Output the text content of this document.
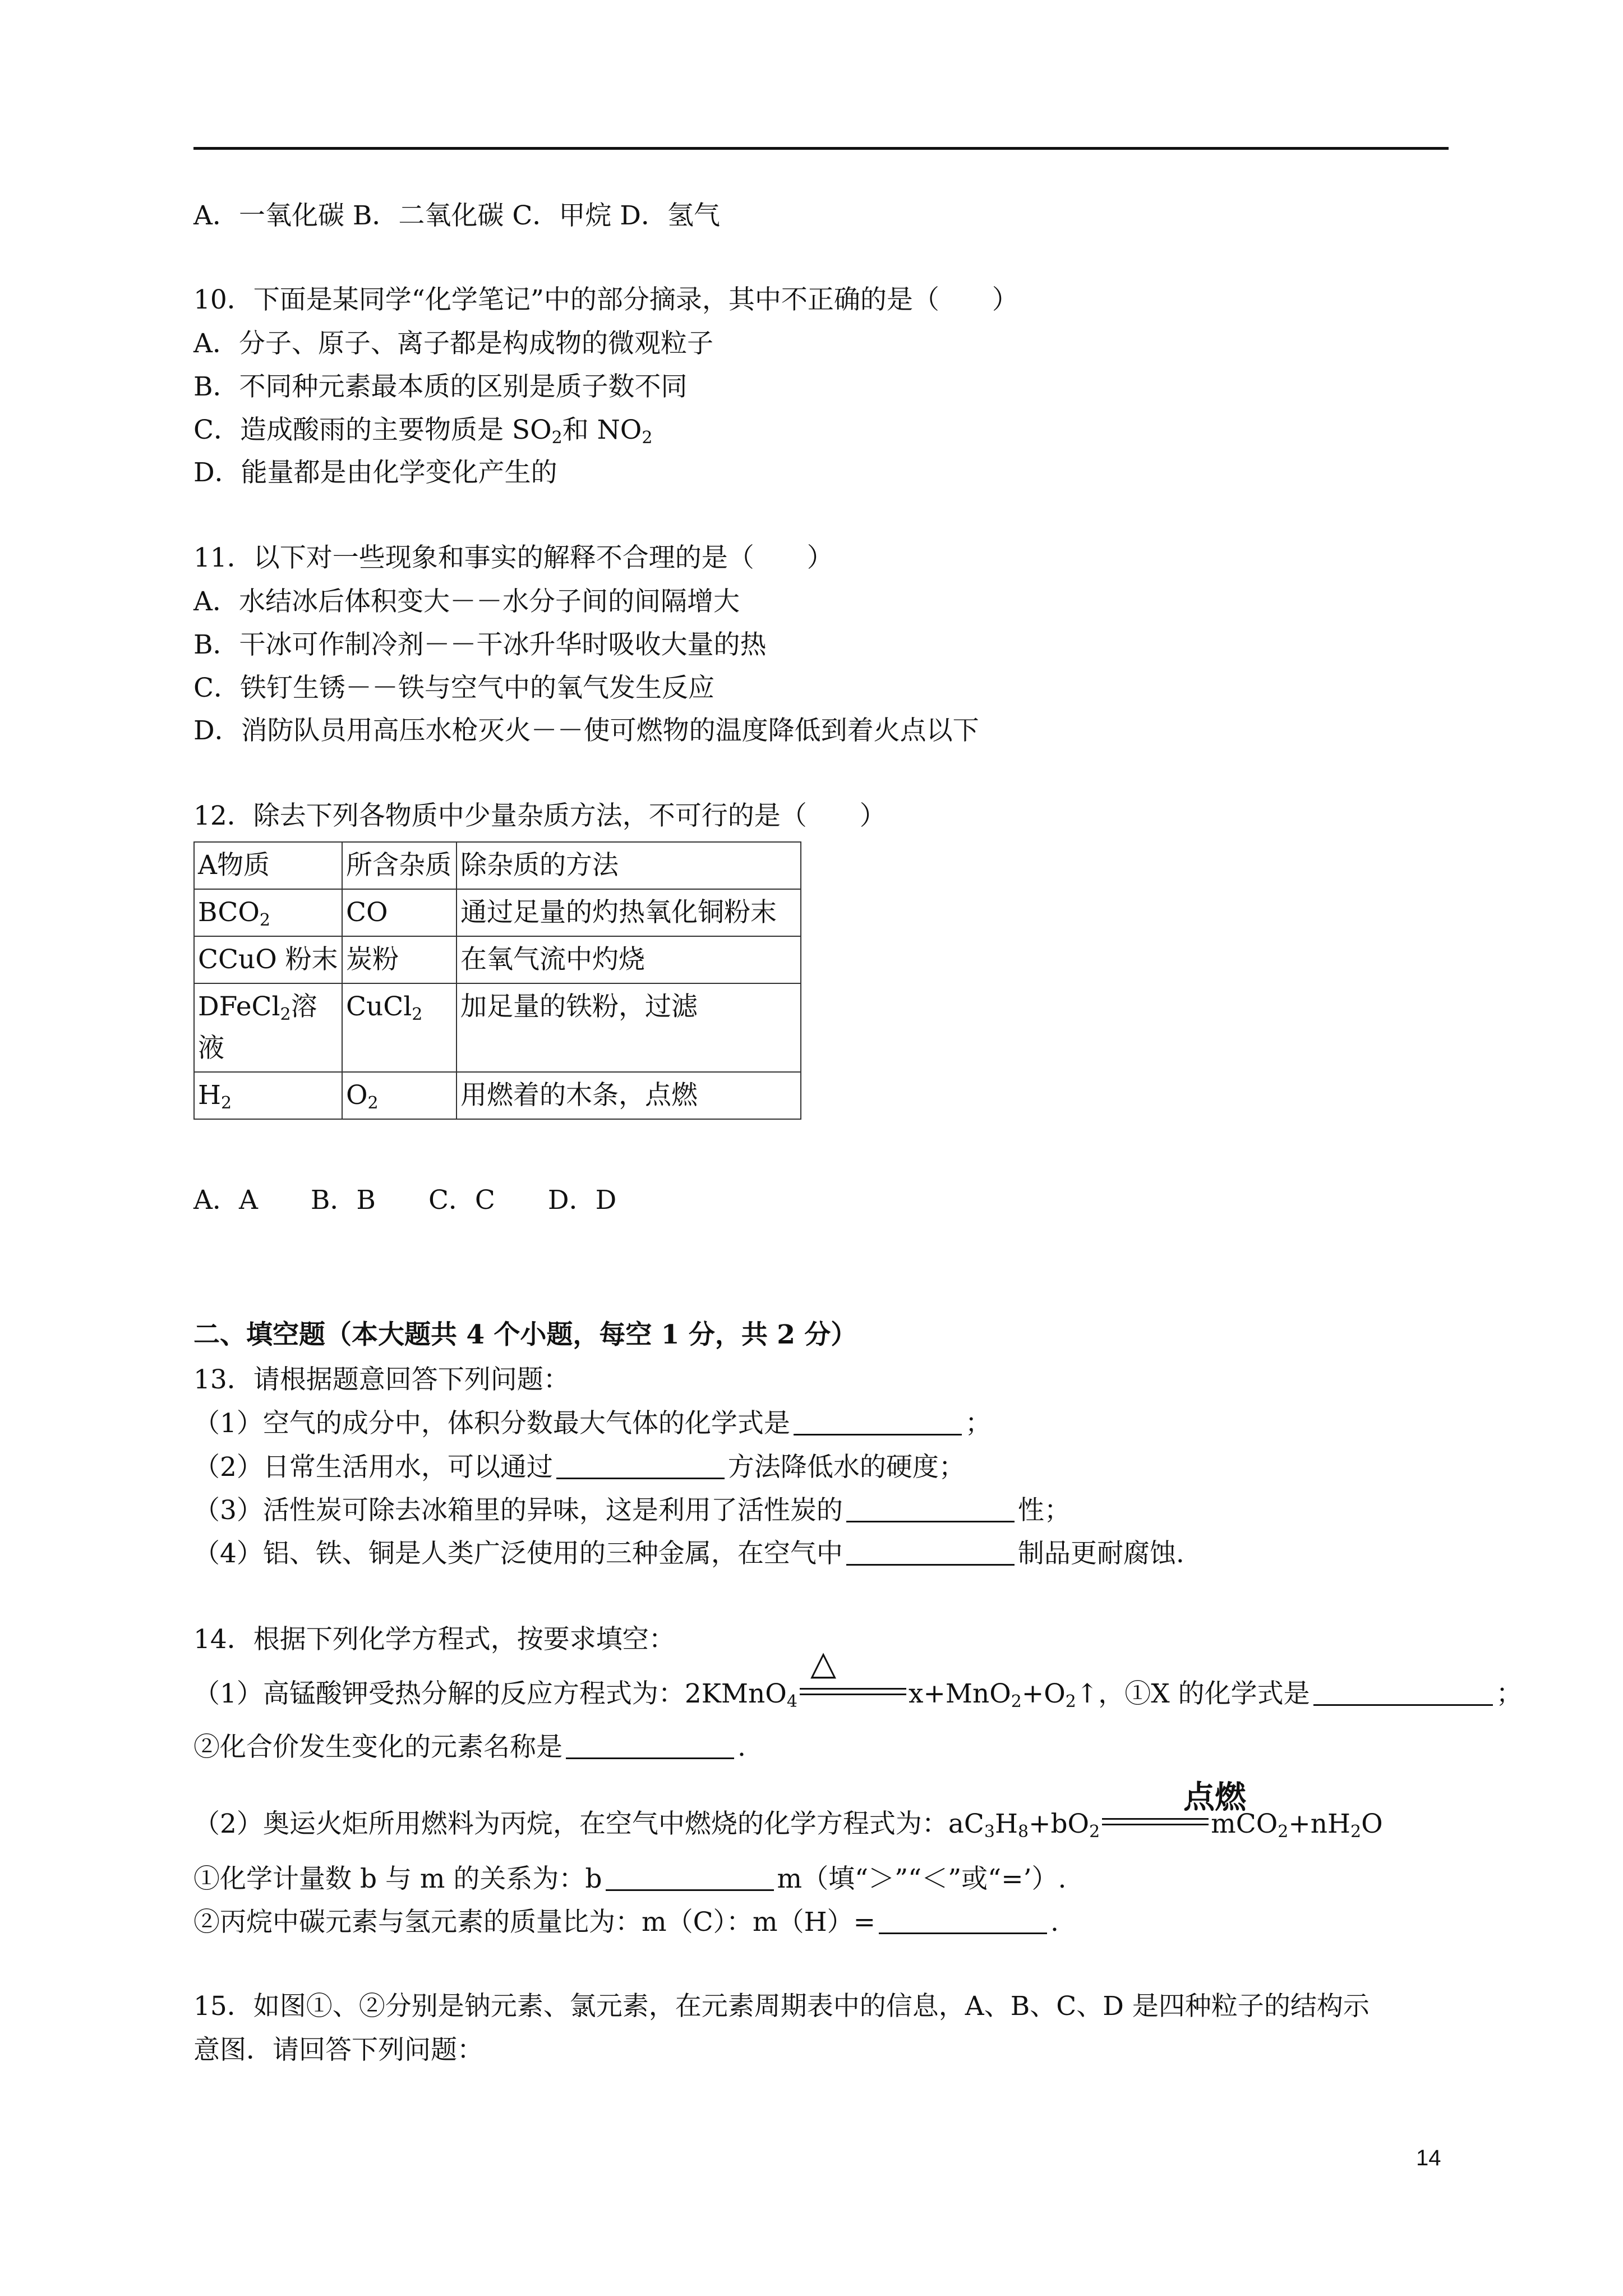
A．一氧化碳 B．二氧化碳 C．甲烷 D．氢气
10．下面是某同学“化学笔记”中的部分摘录，其中不正确的是（　　）
A．分子、原子、离子都是构成物的微观粒子
B．不同种元素最本质的区别是质子数不同
C．造成酸雨的主要物质是 $SO_2$和 $NO_2$
D．能量都是由化学变化产生的
11．以下对一些现象和事实的解释不合理的是（　　）
A．水结冰后体积变大－－水分子间的间隔增大
B．干冰可作制冷剂－－干冰升华时吸收大量的热
C．铁钉生锈－－铁与空气中的氧气发生反应
D．消防队员用高压水枪灭火－－使可燃物的温度降低到着火点以下
12．除去下列各物质中少量杂质方法，不可行的是（　　）
A物质	所含杂质	除杂质的方法
$BCO_2$	CO	通过足量的灼热氧化铜粉末
CCuO 粉末	炭粉	在氧气流中灼烧
DFeCl$_2$溶液	CuCl$_2$	加足量的铁粉，过滤
$H_2$	$O_2$	用燃着的木条，点燃
A．A　　B．B　　C．C　　D．D
二、填空题（本大题共 4 个小题，每空 1 分，共 2 分）
13．请根据题意回答下列问题：
（1）空气的成分中，体积分数最大气体的化学式是	；
（2）日常生活用水，可以通过	方法降低水的硬度；
（3）活性炭可除去冰箱里的异味，这是利用了活性炭的	性；
（4）铝、铁、铜是人类广泛使用的三种金属，在空气中	制品更耐腐蚀.
14．根据下列化学方程式，按要求填空：
△
（1）高锰酸钾受热分解的反应方程式为：2KMnO$_4$	$x+MnO_2+O_2↑$，①X 的化学式是	；
②化合价发生变化的元素名称是	.
点燃
（2）奥运火炬所用燃料为丙烷，在空气中燃烧的化学方程式为：$aC_3H_8+bO_2$	$mCO_2+nH_2O$
①化学计量数 b 与 m 的关系为：b	m（填“＞”“＜”或“=’）.
②丙烷中碳元素与氢元素的质量比为：m（C）：m（H）=	.
15．如图①、②分别是钠元素、氯元素，在元素周期表中的信息，A、B、C、D 是四种粒子的结构示
意图．请回答下列问题：
14
